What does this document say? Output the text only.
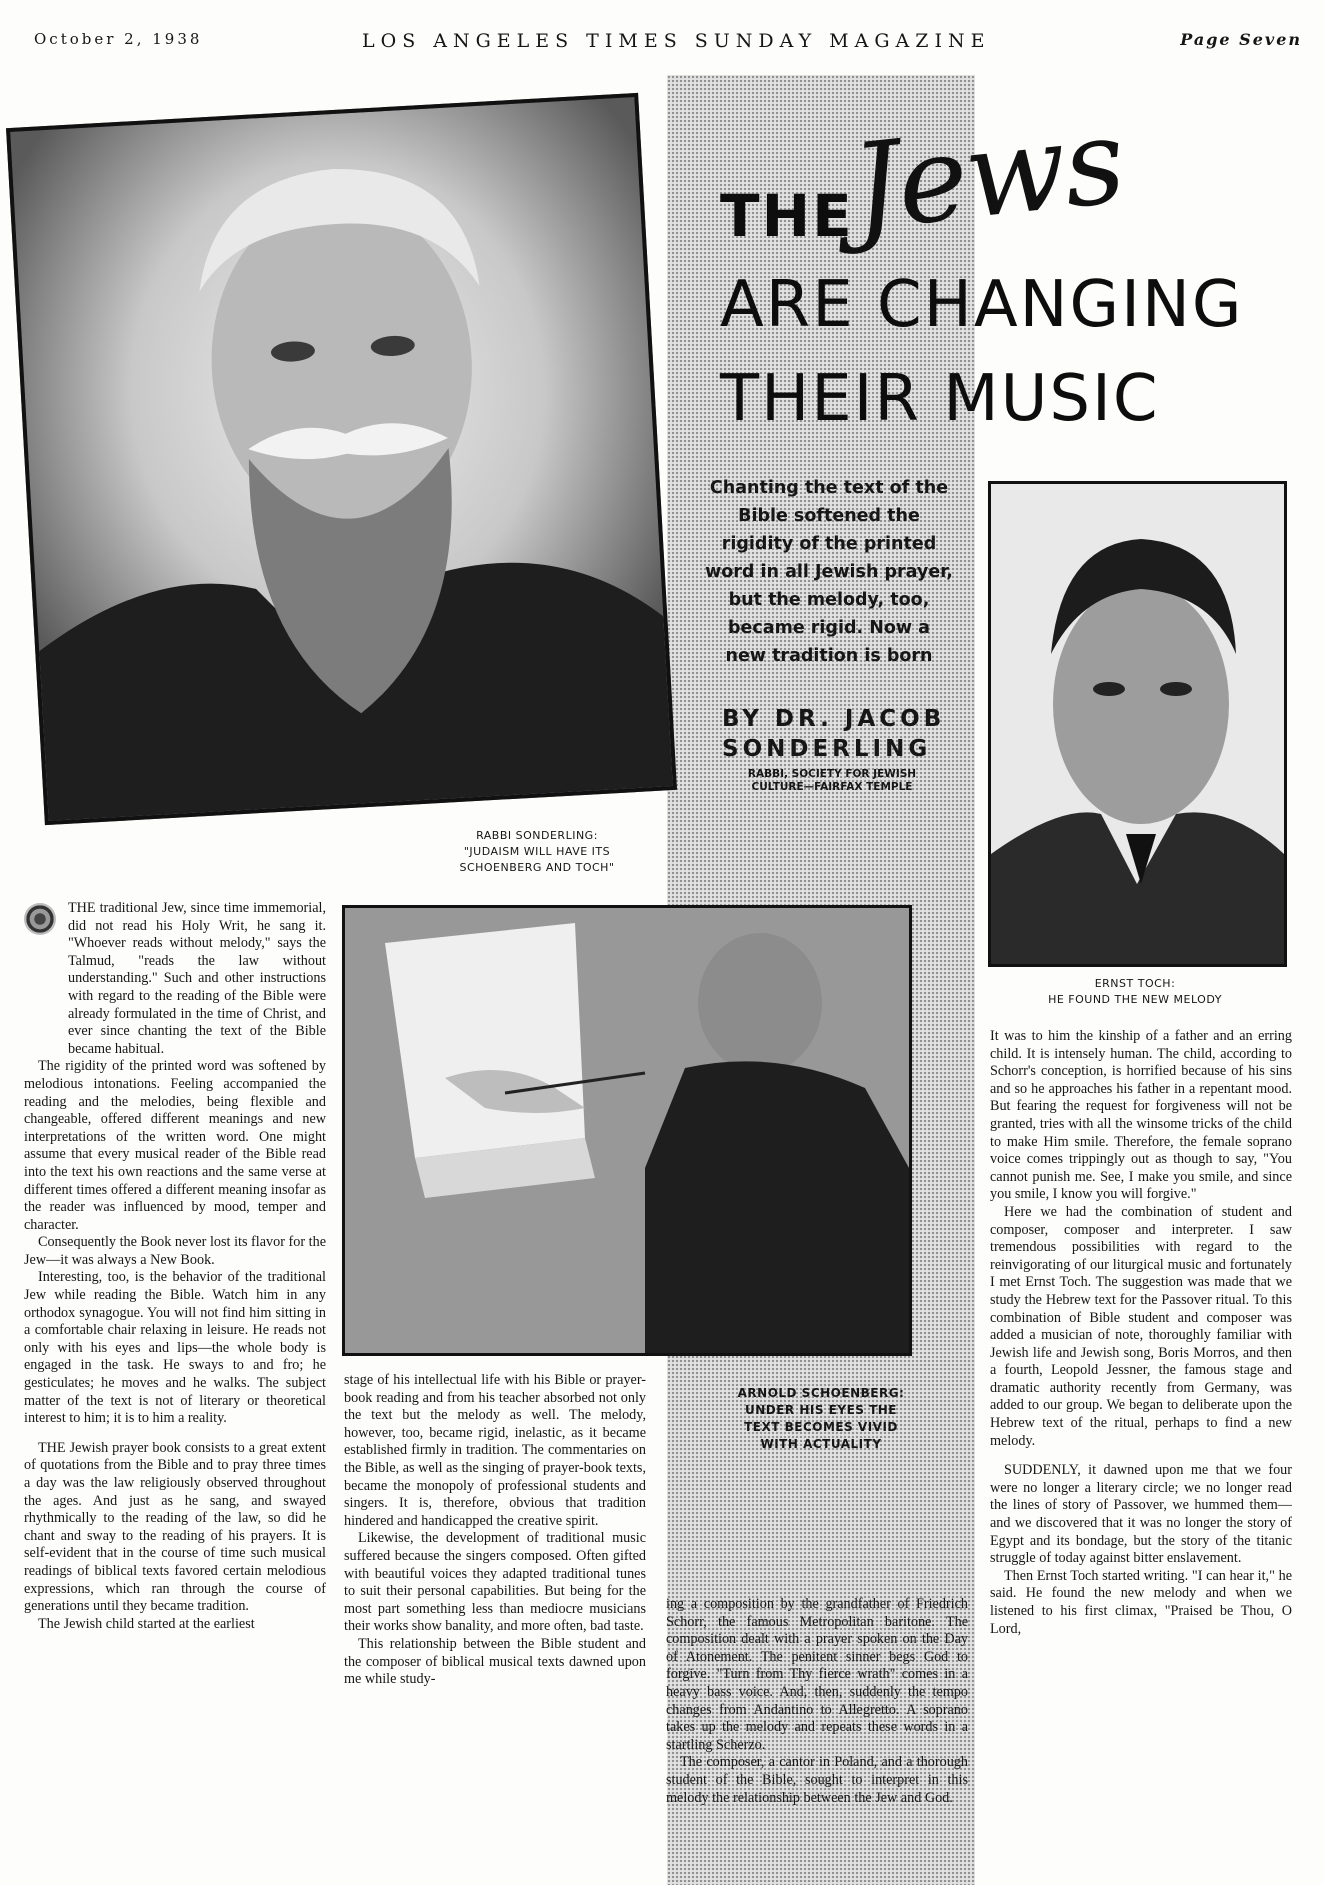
October 2, 1938	LOS ANGELES TIMES SUNDAY MAGAZINE	Page Seven
RABBI SONDERLING: "JUDAISM WILL HAVE ITS SCHOENBERG AND TOCH"
THE
Jews
ARE CHANGING
THEIR MUSIC
Chanting the text of the Bible softened the rigidity of the printed word in all Jewish prayer, but the melody, too, became rigid. Now a new tradition is born
BY DR. JACOB
SONDERLING
RABBI, SOCIETY FOR JEWISH
CULTURE—FAIRFAX TEMPLE
ERNST TOCH:
HE FOUND THE NEW MELODY
ARNOLD SCHOENBERG:
UNDER HIS EYES THE
TEXT BECOMES VIVID
WITH ACTUALITY

THE traditional Jew, since time immemorial, did not read his Holy Writ, he sang it. "Whoever reads without melody," says the Talmud, "reads the law without understanding." Such and other instructions with regard to the reading of the Bible were already formulated in the time of Christ, and ever since chanting the text of the Bible became habitual.

The rigidity of the printed word was softened by melodious intonations. Feeling accompanied the reading and the melodies, being flexible and changeable, offered different meanings and new interpretations of the written word. One might assume that every musical reader of the Bible read into the text his own reactions and the same verse at different times offered a different meaning insofar as the reader was influenced by mood, temper and character.

Consequently the Book never lost its flavor for the Jew—it was always a New Book.

Interesting, too, is the behavior of the traditional Jew while reading the Bible. Watch him in any orthodox synagogue. You will not find him sitting in a comfortable chair relaxing in leisure. He reads not only with his eyes and lips—the whole body is engaged in the task. He sways to and fro; he gesticulates; he moves and he walks. The subject matter of the text is not of literary or theoretical interest to him; it is to him a reality.

THE Jewish prayer book consists to a great extent of quotations from the Bible and to pray three times a day was the law religiously observed throughout the ages. And just as he sang, and swayed rhythmically to the reading of the law, so did he chant and sway to the reading of his prayers. It is self-evident that in the course of time such musical readings of biblical texts favored certain melodious expressions, which ran through the course of generations until they became tradition.

The Jewish child started at the earliest

stage of his intellectual life with his Bible or prayer-book reading and from his teacher absorbed not only the text but the melody as well. The melody, however, too, became rigid, inelastic, as it became established firmly in tradition. The commentaries on the Bible, as well as the singing of prayer-book texts, became the monopoly of professional students and singers. It is, therefore, obvious that tradition hindered and handicapped the creative spirit.

Likewise, the development of traditional music suffered because the singers composed. Often gifted with beautiful voices they adapted traditional tunes to suit their personal capabilities. But being for the most part something less than mediocre musicians their works show banality, and more often, bad taste.

This relationship between the Bible student and the composer of biblical musical texts dawned upon me while study-

ing a composition by the grandfather of Friedrich Schorr, the famous Metropolitan baritone. The composition dealt with a prayer spoken on the Day of Atonement. The penitent sinner begs God to forgive. "Turn from Thy fierce wrath" comes in a heavy bass voice. And, then, suddenly the tempo changes from Andantino to Allegretto. A soprano takes up the melody and repeats these words in a startling Scherzo.

The composer, a cantor in Poland, and a thorough student of the Bible, sought to interpret in this melody the relationship between the Jew and God.

It was to him the kinship of a father and an erring child. It is intensely human. The child, according to Schorr's conception, is horrified because of his sins and so he approaches his father in a repentant mood. But fearing the request for forgiveness will not be granted, tries with all the winsome tricks of the child to make Him smile. Therefore, the female soprano voice comes trippingly out as though to say, "You cannot punish me. See, I make you smile, and since you smile, I know you will forgive."

Here we had the combination of student and composer, composer and interpreter. I saw tremendous possibilities with regard to the reinvigorating of our liturgical music and fortunately I met Ernst Toch. The suggestion was made that we study the Hebrew text for the Passover ritual. To this combination of Bible student and composer was added a musician of note, thoroughly familiar with Jewish life and Jewish song, Boris Morros, and then a fourth, Leopold Jessner, the famous stage and dramatic authority recently from Germany, was added to our group. We began to deliberate upon the Hebrew text of the ritual, perhaps to find a new melody.

SUDDENLY, it dawned upon me that we four were no longer a literary circle; we no longer read the lines of story of Passover, we hummed them—and we discovered that it was no longer the story of Egypt and its bondage, but the story of the titanic struggle of today against bitter enslavement.

Then Ernst Toch started writing. "I can hear it," he said. He found the new melody and when we listened to his first climax, "Praised be Thou, O Lord,
